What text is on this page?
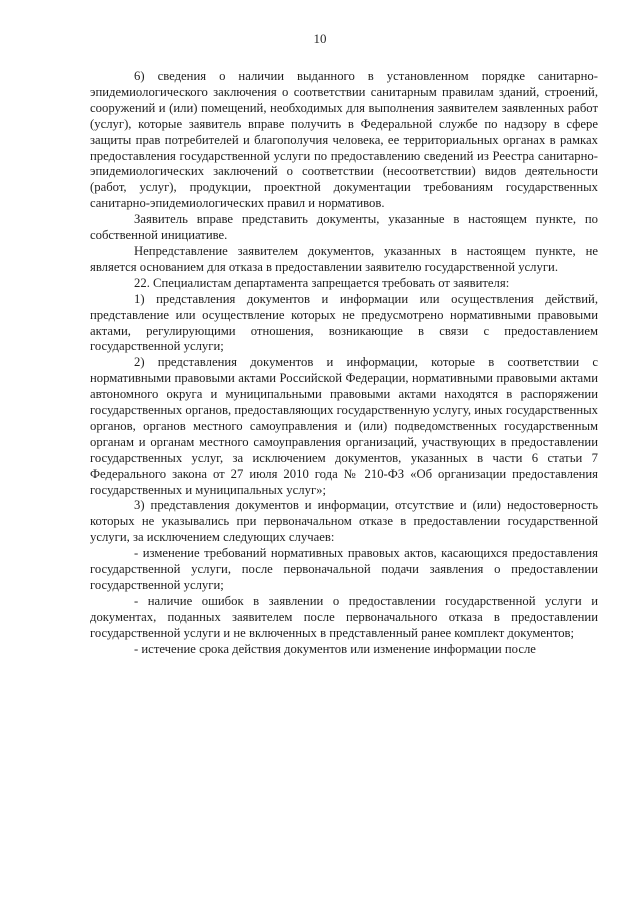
10

6) сведения о наличии выданного в установленном порядке санитарно-эпидемиологического заключения о соответствии санитарным правилам зданий, строений, сооружений и (или) помещений, необходимых для выполнения заявителем заявленных работ (услуг), которые заявитель вправе получить в Федеральной службе по надзору в сфере защиты прав потребителей и благополучия человека, ее территориальных органах в рамках предоставления государственной услуги по предоставлению сведений из Реестра санитарно-эпидемиологических заключений о соответствии (несоответствии) видов деятельности (работ, услуг), продукции, проектной документации требованиям государственных санитарно-эпидемиологических правил и нормативов.

Заявитель вправе представить документы, указанные в настоящем пункте, по собственной инициативе.

Непредставление заявителем документов, указанных в настоящем пункте, не является основанием для отказа в предоставлении заявителю государственной услуги.

22. Специалистам департамента запрещается требовать от заявителя:

1) представления документов и информации или осуществления действий, представление или осуществление которых не предусмотрено нормативными правовыми актами, регулирующими отношения, возникающие в связи с предоставлением государственной услуги;

2) представления документов и информации, которые в соответствии с нормативными правовыми актами Российской Федерации, нормативными правовыми актами автономного округа и муниципальными правовыми актами находятся в распоряжении государственных органов, предоставляющих государственную услугу, иных государственных органов, органов местного самоуправления и (или) подведомственных государственным органам и органам местного самоуправления организаций, участвующих в предоставлении государственных услуг, за исключением документов, указанных в части 6 статьи 7 Федерального закона от 27 июля 2010 года № 210-ФЗ «Об организации предоставления государственных и муниципальных услуг»;

3) представления документов и информации, отсутствие и (или) недостоверность которых не указывались при первоначальном отказе в предоставлении государственной услуги, за исключением следующих случаев:

- изменение требований нормативных правовых актов, касающихся предоставления государственной услуги, после первоначальной подачи заявления о предоставлении государственной услуги;

- наличие ошибок в заявлении о предоставлении государственной услуги и документах, поданных заявителем после первоначального отказа в предоставлении государственной услуги и не включенных в представленный ранее комплект документов;

- истечение срока действия документов или изменение информации после
